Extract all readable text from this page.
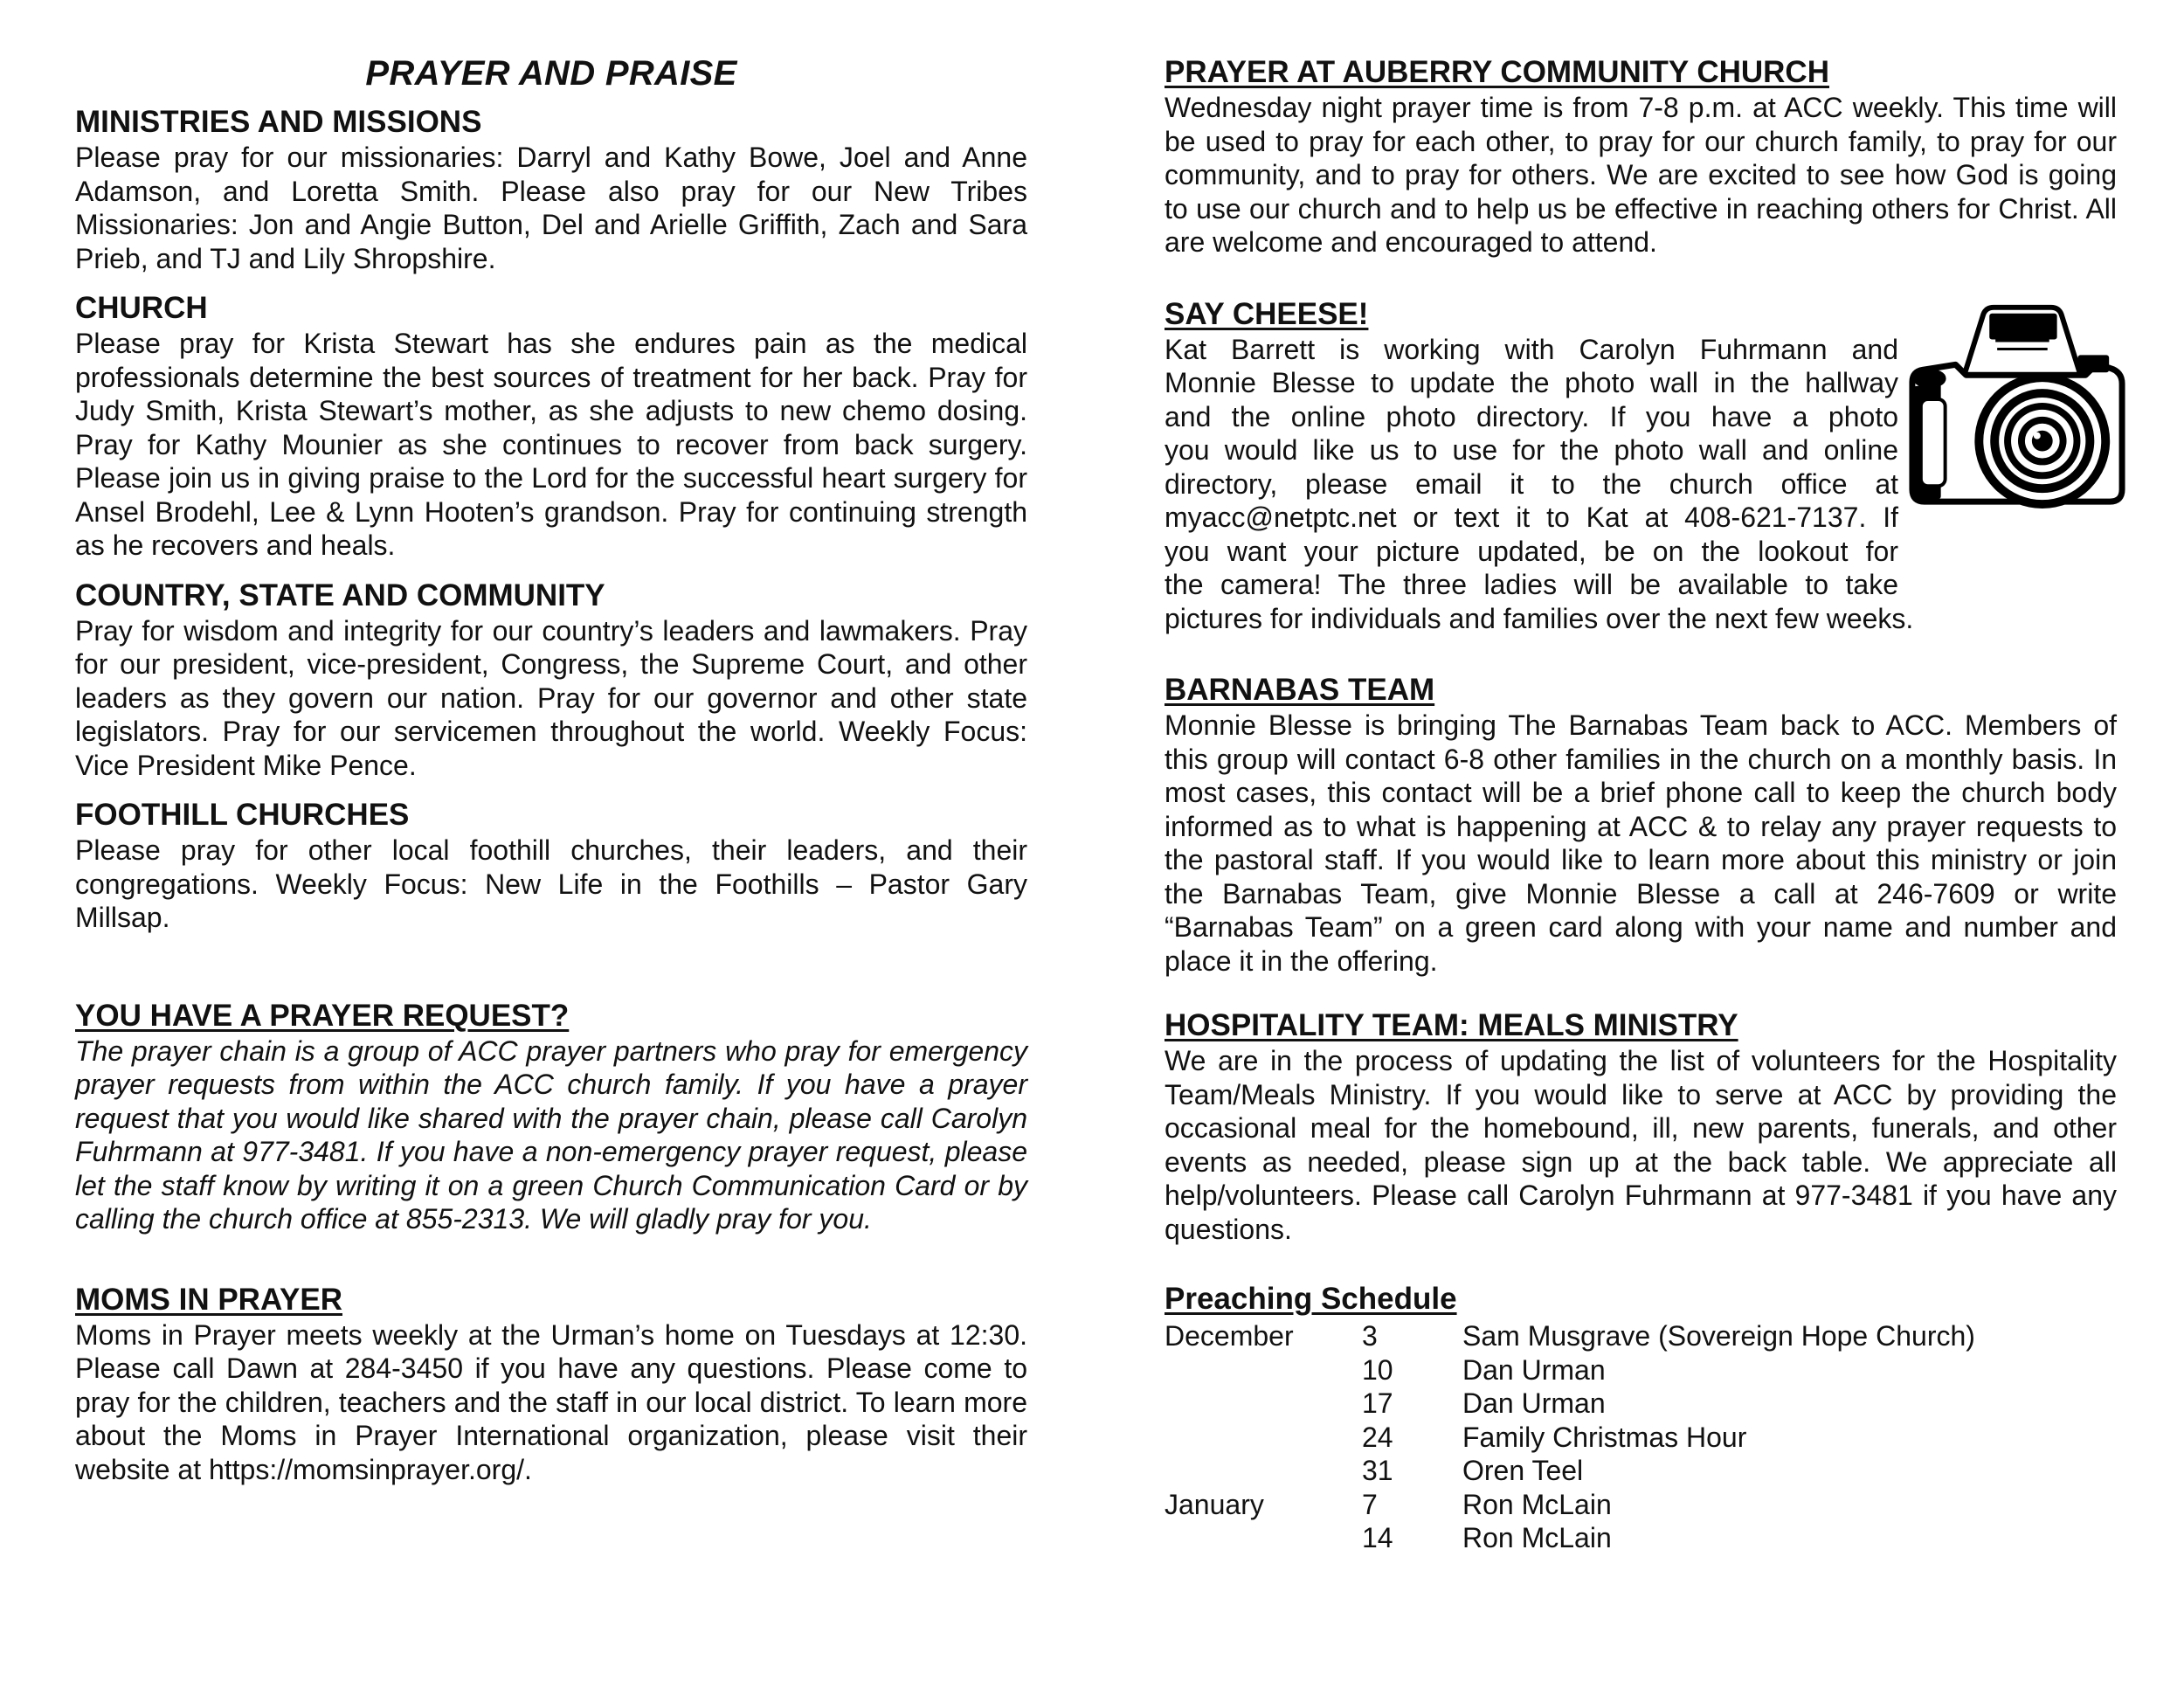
PRAYER AND PRAISE
MINISTRIES AND MISSIONS
Please pray for our missionaries: Darryl and Kathy Bowe, Joel and Anne Adamson, and Loretta Smith. Please also pray for our New Tribes Missionaries: Jon and Angie Button, Del and Arielle Griffith, Zach and Sara Prieb, and TJ and Lily Shropshire.
CHURCH
Please pray for Krista Stewart has she endures pain as the medical professionals determine the best sources of treatment for her back. Pray for Judy Smith, Krista Stewart’s mother, as she adjusts to new chemo dosing. Pray for Kathy Mounier as she continues to recover from back surgery. Please join us in giving praise to the Lord for the successful heart surgery for Ansel Brodehl, Lee & Lynn Hooten’s grandson. Pray for continuing strength as he recovers and heals.
COUNTRY, STATE AND COMMUNITY
Pray for wisdom and integrity for our country’s leaders and lawmakers. Pray for our president, vice-president, Congress, the Supreme Court, and other leaders as they govern our nation. Pray for our governor and other state legislators. Pray for our servicemen throughout the world. Weekly Focus: Vice President Mike Pence.
FOOTHILL CHURCHES
Please pray for other local foothill churches, their leaders, and their congregations. Weekly Focus: New Life in the Foothills – Pastor Gary Millsap.
YOU HAVE A PRAYER REQUEST?
The prayer chain is a group of ACC prayer partners who pray for emergency prayer requests from within the ACC church family. If you have a prayer request that you would like shared with the prayer chain, please call Carolyn Fuhrmann at 977-3481. If you have a non-emergency prayer request, please let the staff know by writing it on a green Church Communication Card or by calling the church office at 855-2313. We will gladly pray for you.
MOMS IN PRAYER
Moms in Prayer meets weekly at the Urman’s home on Tuesdays at 12:30. Please call Dawn at 284-3450 if you have any questions. Please come to pray for the children, teachers and the staff in our local district. To learn more about the Moms in Prayer International organization, please visit their website at https://momsinprayer.org/.
PRAYER AT AUBERRY COMMUNITY CHURCH
Wednesday night prayer time is from 7-8 p.m. at ACC weekly. This time will be used to pray for each other, to pray for our church family, to pray for our community, and to pray for others. We are excited to see how God is going to use our church and to help us be effective in reaching others for Christ. All are welcome and encouraged to attend.
SAY CHEESE!
Kat Barrett is working with Carolyn Fuhrmann and
Monnie Blesse to update the photo wall in the hallway
and the online photo directory. If you have a photo
you would like us to use for the photo wall and online
directory, please email it to the church office at
myacc@netptc.net or text it to Kat at 408-621-7137. If
you want your picture updated, be on the lookout for
the camera! The three ladies will be available to take
pictures for individuals and families over the next few weeks.
BARNABAS TEAM
Monnie Blesse is bringing The Barnabas Team back to ACC. Members of this group will contact 6-8 other families in the church on a monthly basis. In most cases, this contact will be a brief phone call to keep the church body informed as to what is happening at ACC & to relay any prayer requests to the pastoral staff. If you would like to learn more about this ministry or join the Barnabas Team, give Monnie Blesse a call at 246-7609 or write “Barnabas Team” on a green card along with your name and number and place it in the offering.
HOSPITALITY TEAM: MEALS MINISTRY
We are in the process of updating the list of volunteers for the Hospitality Team/Meals Ministry. If you would like to serve at ACC by providing the occasional meal for the homebound, ill, new parents, funerals, and other events as needed, please sign up at the back table. We appreciate all help/volunteers. Please call Carolyn Fuhrmann at 977-3481 if you have any questions.
Preaching Schedule
December	3	Sam Musgrave (Sovereign Hope Church)
	10	Dan Urman
	17	Dan Urman
	24	Family Christmas Hour
	31	Oren Teel
January	7	Ron McLain
	14	Ron McLain
